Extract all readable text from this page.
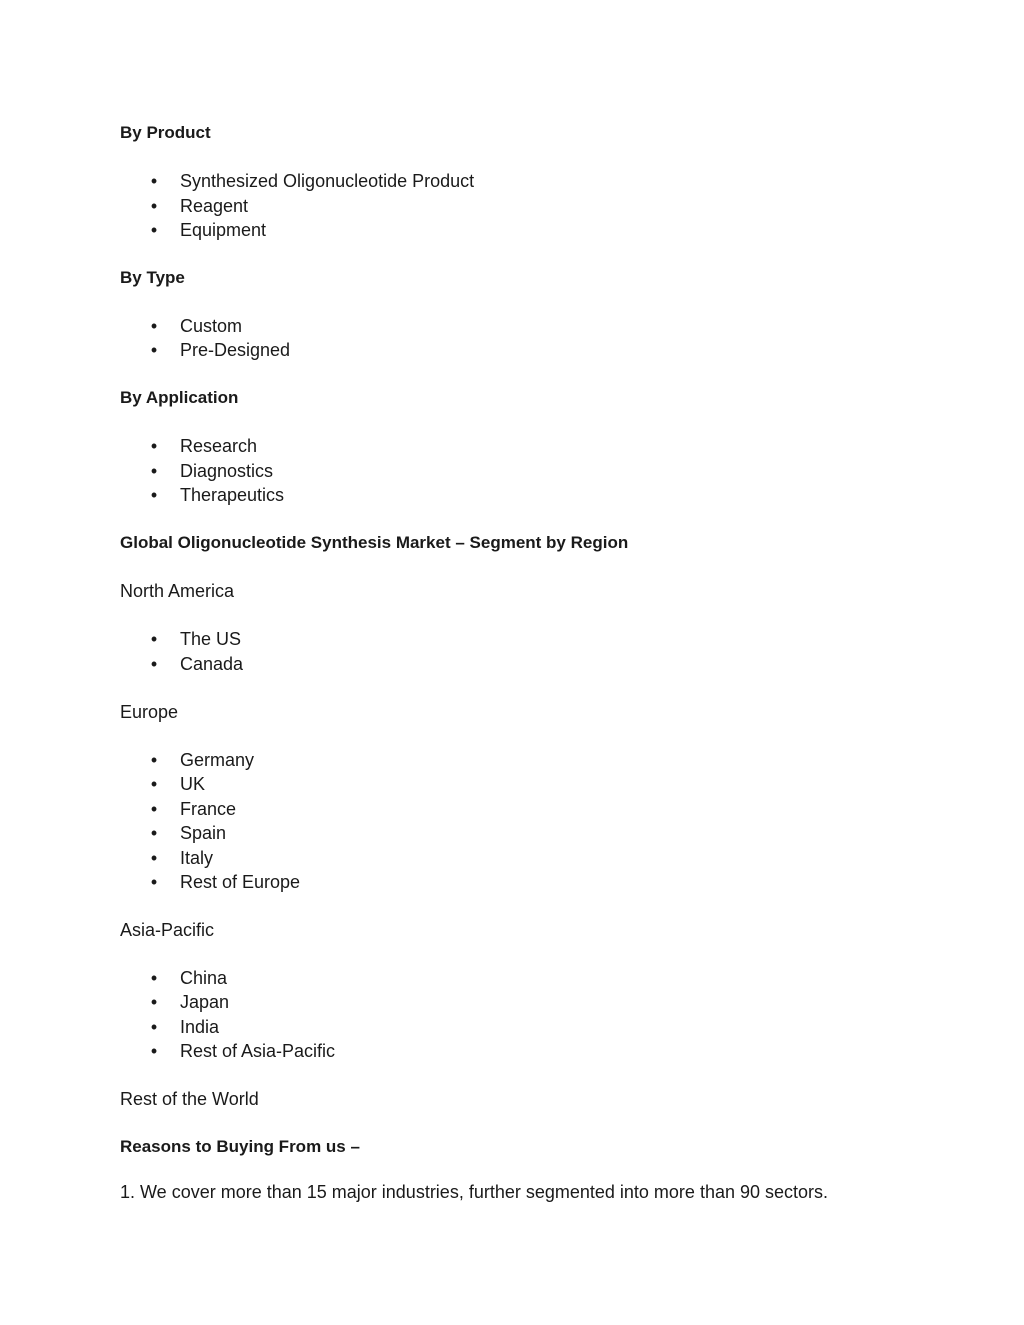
By Product
• Synthesized Oligonucleotide Product
• Reagent
• Equipment
By Type
• Custom
• Pre-Designed
By Application
• Research
• Diagnostics
• Therapeutics
Global Oligonucleotide Synthesis Market – Segment by Region
North America
• The US
• Canada
Europe
• Germany
• UK
• France
• Spain
• Italy
• Rest of Europe
Asia-Pacific
• China
• Japan
• India
• Rest of Asia-Pacific
Rest of the World
Reasons to Buying From us –
1. We cover more than 15 major industries, further segmented into more than 90 sectors.
